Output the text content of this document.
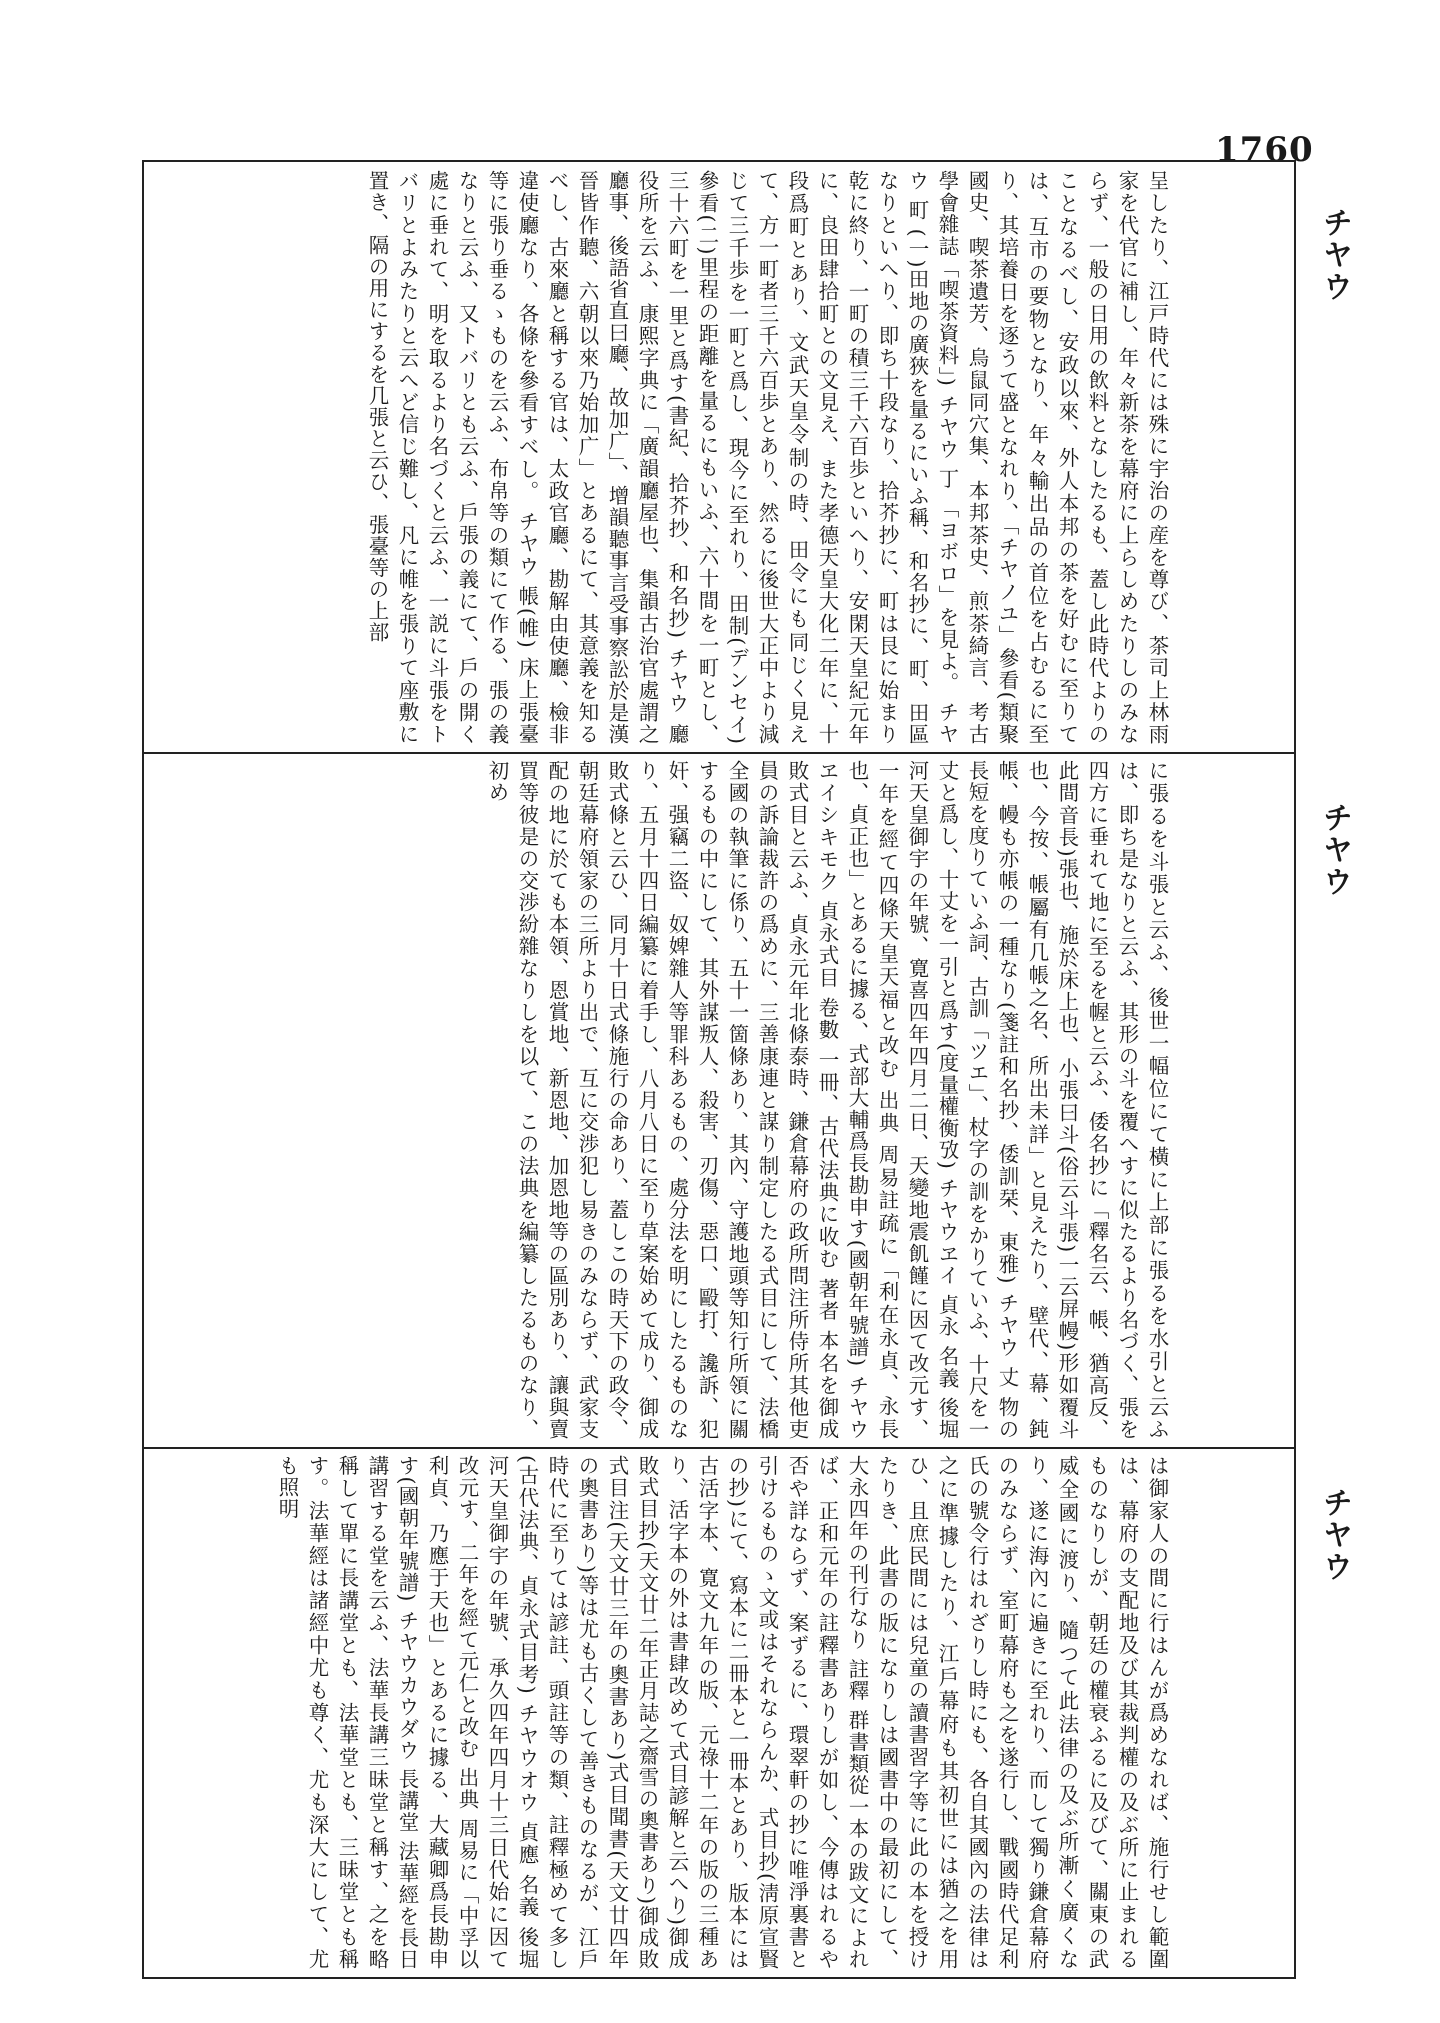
1760
チヤウ
チヤウ
チヤウ

呈したり、江戸時代には殊に宇治の産を尊び、茶司上林雨家を代官に補し、年々新茶を幕府に上らしめたりしのみならず、一般の日用の飲料となしたるも、蓋し此時代よりのことなるべし、安政以來、外人本邦の茶を好むに至りては、互市の要物となり、年々輸出品の首位を占むるに至り、其培養日を逐うて盛となれり、「チヤノユ」參看(類聚國史、喫茶遺芳、烏鼠同穴集、本邦茶史、煎茶綺言、考古學會雜誌「喫茶資料」) チヤウ 丁 「ヨボロ」を見よ。 チヤウ 町 (一)田地の廣狹を量るにいふ稱、和名抄に、町、田區なりといへり、即ち十段なり、拾芥抄に、町は艮に始まり乾に終り、一町の積三千六百歩といへり、安閑天皇紀元年に、良田肆拾町との文見え、また孝德天皇大化二年に、十段爲町とあり、文武天皇令制の時、田令にも同じく見えて、方一町者三千六百歩とあり、然るに後世大正中より減じて三千歩を一町と爲し、現今に至れり、田制(デンセイ)參看(二)里程の距離を量るにもいふ、六十間を一町とし、三十六町を一里と爲す(書紀、拾芥抄、和名抄) チヤウ 廳 役所を云ふ、康熙字典に「廣韻廳屋也、集韻古治官處謂之廳事、後語省直曰廳、故加广」、增韻聽事言受事察訟於是漢晉皆作聽、六朝以來乃始加广」とあるにて、其意義を知るべし、古來廳と稱する官は、太政官廳、勘解由使廳、檢非違使廳なり、各條を參看すべし。 チヤウ 帳(帷) 床上張臺等に張り垂るゝものを云ふ、布帛等の類にて作る、張の義なりと云ふ、又トバリとも云ふ、戶張の義にて、戶の開く處に垂れて、明を取るより名づくと云ふ、一説に斗張をトバリとよみたりと云へど信じ難し、凡に帷を張りて座敷に置き、隔の用にするを几張と云ひ、張臺等の上部

に張るを斗張と云ふ、後世一幅位にて橫に上部に張るを水引と云ふは、即ち是なりと云ふ、其形の斗を覆へすに似たるより名づく、張を四方に垂れて地に至るを幄と云ふ、倭名抄に「釋名云、帳、猶高反、此間音長)張也、施於床上也、小張曰斗(俗云斗張)一云屏幔)形如覆斗也、今按、帳屬有几帳之名、所出未詳」と見えたり、壁代、幕、鈍帳、幔も亦帳の一種なり(箋註和名抄、倭訓栞、東雅) チヤウ 丈 物の長短を度りていふ詞、古訓「ツエ」、杖字の訓をかりていふ、十尺を一丈と爲し、十丈を一引と爲す(度量權衡攷) チヤウヱイ 貞永 名義 後堀河天皇御宇の年號、寛喜四年四月二日、天變地震飢饉に因て改元す、一年を經て四條天皇天福と改む 出典 周易註疏に「利在永貞、永長也、貞正也」とあるに據る、式部大輔爲長勘申す(國朝年號譜) チヤウヱイシキモク 貞永式目 卷數 一冊、古代法典に收む 著者 本名を御成敗式目と云ふ、貞永元年北條泰時、鎌倉幕府の政所問注所侍所其他吏員の訴論裁許の爲めに、三善康連と謀り制定したる式目にして、法橋全國の執筆に係り、五十一箇條あり、其內、守護地頭等知行所領に關するもの中にして、其外謀叛人、殺害、刃傷、惡口、毆打、讒訴、犯奸、强竊二盜、奴婢雜人等罪科あるもの、處分法を明にしたるものなり、五月十四日編纂に着手し、八月八日に至り草案始めて成り、御成敗式條と云ひ、同月十日式條施行の命あり、蓋しこの時天下の政令、朝廷幕府領家の三所より出で、互に交渉犯し易きのみならず、武家支配の地に於ても本領、恩賞地、新恩地、加恩地等の區別あり、讓與賣買等彼是の交渉紛雜なりしを以て、この法典を編纂したるものなり、初め

は御家人の間に行はんが爲めなれば、施行せし範圍は、幕府の支配地及び其裁判權の及ぶ所に止まれるものなりしが、朝廷の權衰ふるに及びて、關東の武威全國に渡り、隨つて此法律の及ぶ所漸く廣くなり、遂に海內に遍きに至れり、而して獨り鎌倉幕府のみならず、室町幕府も之を遂行し、戰國時代足利氏の號令行はれざりし時にも、各自其國內の法律は之に準據したり、江戶幕府も其初世には猶之を用ひ、且庶民間には兒童の讀書習字等に此の本を授けたりき、此書の版になりしは國書中の最初にして、大永四年の刊行なり 註釋 群書類從一本の跋文によれば、正和元年の註釋書ありしが如し、今傳はれるや否や詳ならず、案ずるに、環翠軒の抄に唯淨裏書と引けるものゝ文或はそれならんか、式目抄(淸原宣賢の抄)にて、寫本に二冊本と一冊本とあり、版本には古活字本、寛文九年の版、元祿十二年の版の三種あり、活字本の外は書肆改めて式目諺解と云へり)御成敗式目抄(天文廿二年正月誌之齋雪の奧書あり)御成敗式目注(天文廿三年の奧書あり)式目聞書(天文廿四年の奧書あり)等は尤も古くして善きものなるが、江戶時代に至りては諺註、頭註等の類、註釋極めて多し(古代法典、貞永式目考) チヤウオウ 貞應 名義 後堀河天皇御宇の年號、承久四年四月十三日代始に因て改元す、二年を經て元仁と改む 出典 周易に「中孚以利貞、乃應于天也」とあるに據る、大藏卿爲長勘申す(國朝年號譜) チヤウカウダウ 長講堂 法華經を長日講習する堂を云ふ、法華長講三昧堂と稱す、之を略稱して單に長講堂とも、法華堂とも、三昧堂とも稱す。法華經は諸經中尤も尊く、尤も深大にして、尤も照明
